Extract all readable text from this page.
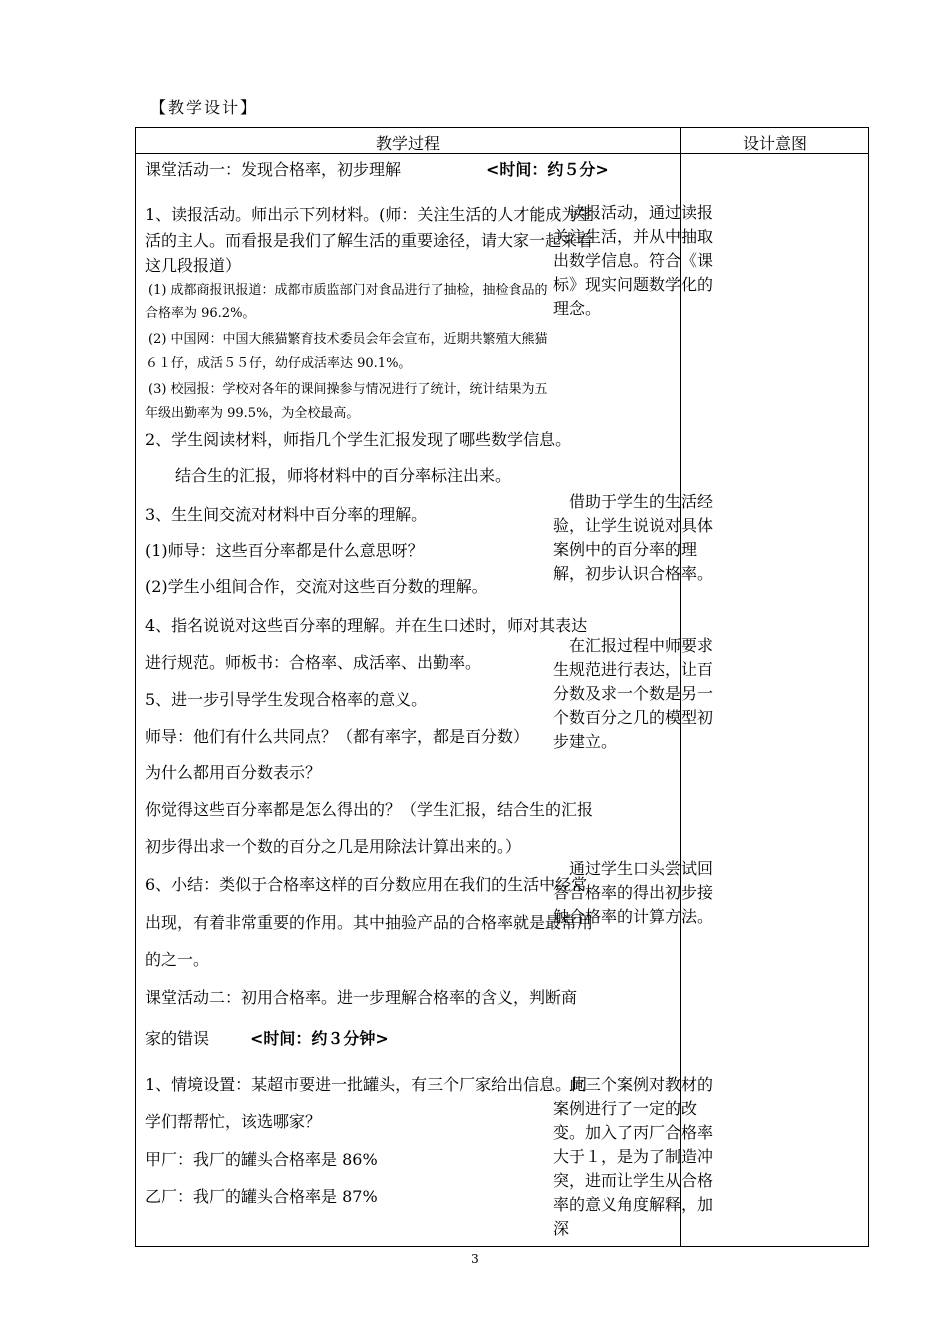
【教学设计】
教学过程	设计意图
课堂活动一：发现合格率，初步理解	<时间：约５分>
1、读报活动。师出示下列材料。(师：关注生活的人才能成为生
活的主人。而看报是我们了解生活的重要途径，请大家一起来看
这几段报道）
(1) 成都商报讯报道：成都市质监部门对食品进行了抽检，抽检食品的
合格率为 96.2%。
(2) 中国网：中国大熊猫繁育技术委员会年会宣布，近期共繁殖大熊猫
６１仔，成活５５仔，幼仔成活率达 90.1%。
(3) 校园报：学校对各年的课间操参与情况进行了统计，统计结果为五
年级出勤率为 99.5%，为全校最高。
2、学生阅读材料，师指几个学生汇报发现了哪些数学信息。
结合生的汇报，师将材料中的百分率标注出来。
3、生生间交流对材料中百分率的理解。
(1)师导：这些百分率都是什么意思呀？
(2)学生小组间合作，交流对这些百分数的理解。
4、指名说说对这些百分率的理解。并在生口述时，师对其表达
进行规范。师板书：合格率、成活率、出勤率。
5、进一步引导学生发现合格率的意义。
师导：他们有什么共同点？（都有率字，都是百分数）
为什么都用百分数表示？
你觉得这些百分率都是怎么得出的？（学生汇报，结合生的汇报
初步得出求一个数的百分之几是用除法计算出来的。）
6、小结：类似于合格率这样的百分数应用在我们的生活中经常
出现，有着非常重要的作用。其中抽验产品的合格率就是最常用
的之一。
课堂活动二：初用合格率。进一步理解合格率的含义，判断商
家的错误	<时间：约３分钟>
1、情境设置：某超市要进一批罐头，有三个厂家给出信息。同
学们帮帮忙，该选哪家？
甲厂：我厂的罐头合格率是 86%
乙厂：我厂的罐头合格率是 87%
　读报活动，通过读报关注生活，并从中抽取出数学信息。符合《课标》现实问题数学化的理念。
　借助于学生的生活经验，让学生说说对具体案例中的百分率的理解，初步认识合格率。
　在汇报过程中师要求生规范进行表达，让百分数及求一个数是另一个数百分之几的模型初步建立。
　通过学生口头尝试回答合格率的得出初步接触合格率的计算方法。
　此三个案例对教材的案例进行了一定的改变。加入了丙厂合格率大于１，是为了制造冲突，进而让学生从合格率的意义角度解释，加深
3
